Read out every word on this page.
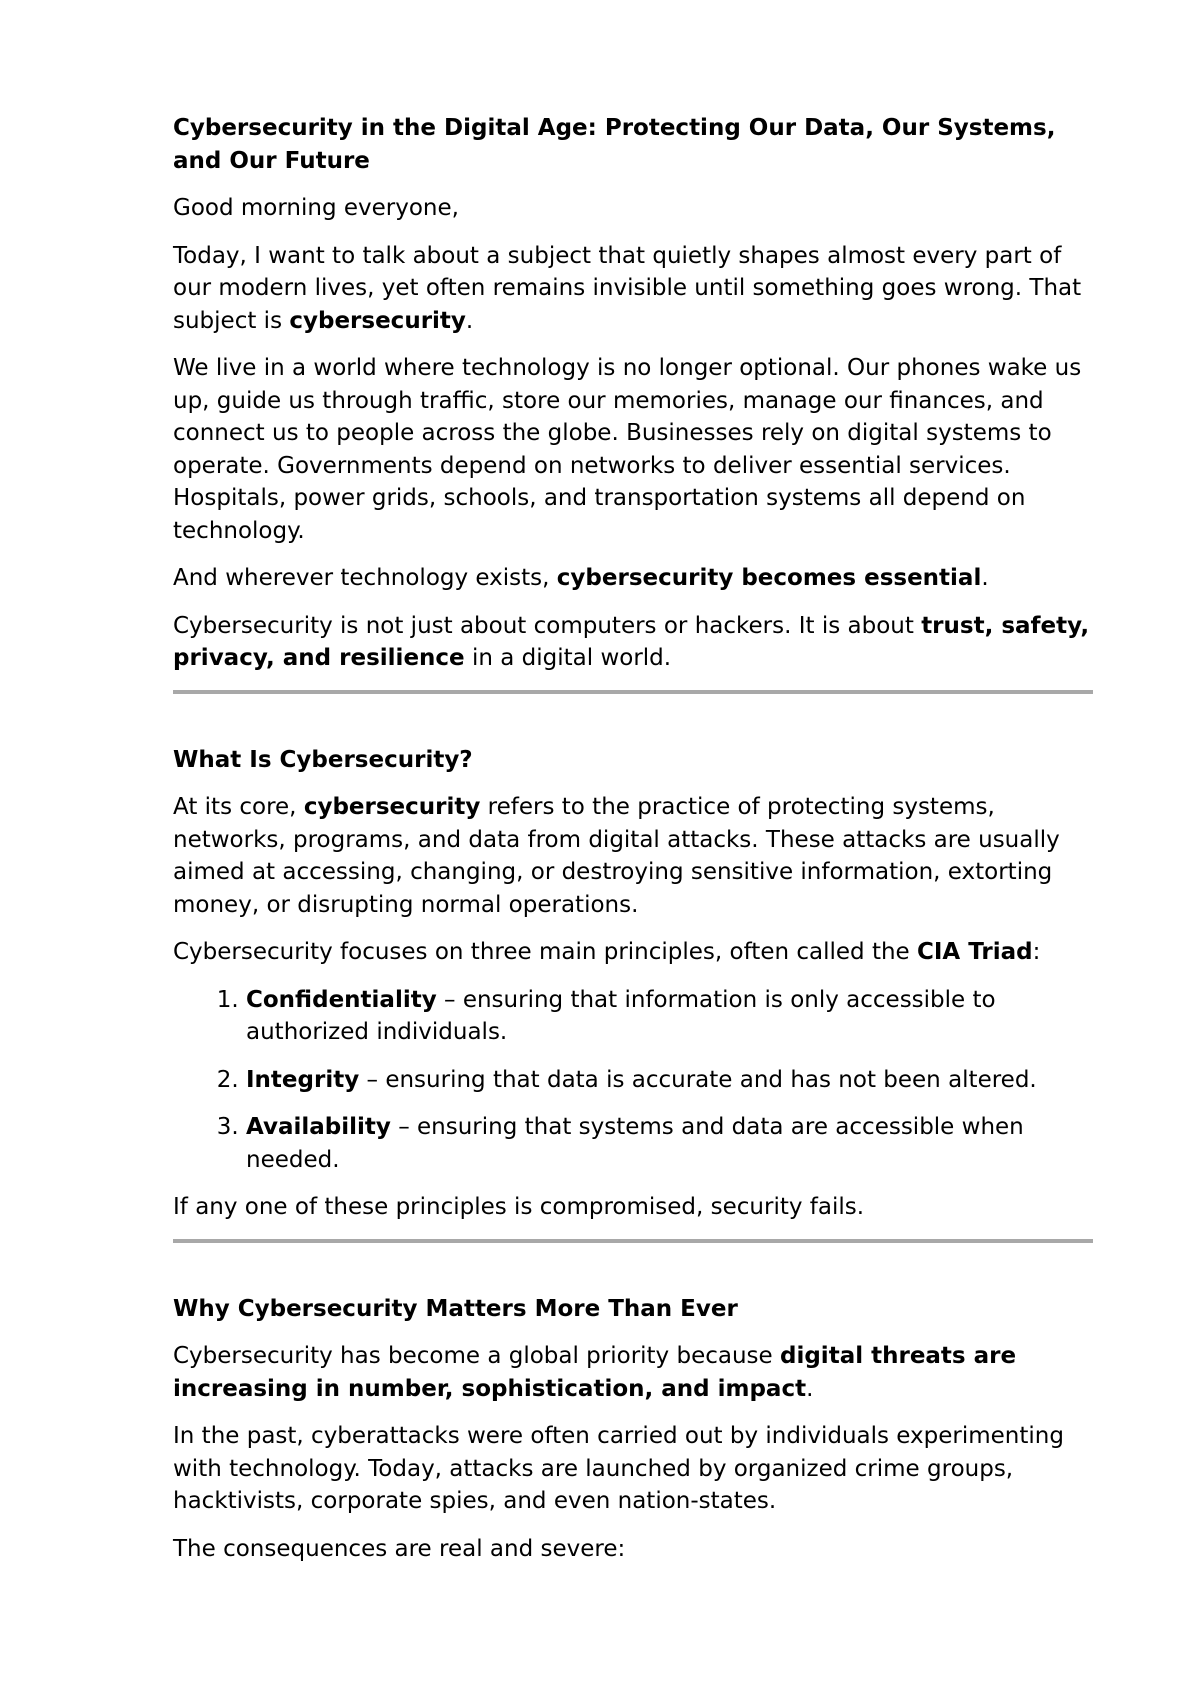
Cybersecurity in the Digital Age: Protecting Our Data, Our Systems, and Our Future

Good morning everyone,

Today, I want to talk about a subject that quietly shapes almost every part of our modern lives, yet often remains invisible until something goes wrong. That subject is cybersecurity.

We live in a world where technology is no longer optional. Our phones wake us up, guide us through traffic, store our memories, manage our finances, and connect us to people across the globe. Businesses rely on digital systems to operate. Governments depend on networks to deliver essential services. Hospitals, power grids, schools, and transportation systems all depend on technology.

And wherever technology exists, cybersecurity becomes essential.

Cybersecurity is not just about computers or hackers. It is about trust, safety, privacy, and resilience in a digital world.

What Is Cybersecurity?

At its core, cybersecurity refers to the practice of protecting systems, networks, programs, and data from digital attacks. These attacks are usually aimed at accessing, changing, or destroying sensitive information, extorting money, or disrupting normal operations.

Cybersecurity focuses on three main principles, often called the CIA Triad:

1. Confidentiality – ensuring that information is only accessible to authorized individuals.
2. Integrity – ensuring that data is accurate and has not been altered.
3. Availability – ensuring that systems and data are accessible when needed.

If any one of these principles is compromised, security fails.

Why Cybersecurity Matters More Than Ever

Cybersecurity has become a global priority because digital threats are increasing in number, sophistication, and impact.

In the past, cyberattacks were often carried out by individuals experimenting with technology. Today, attacks are launched by organized crime groups, hacktivists, corporate spies, and even nation-states.

The consequences are real and severe:
